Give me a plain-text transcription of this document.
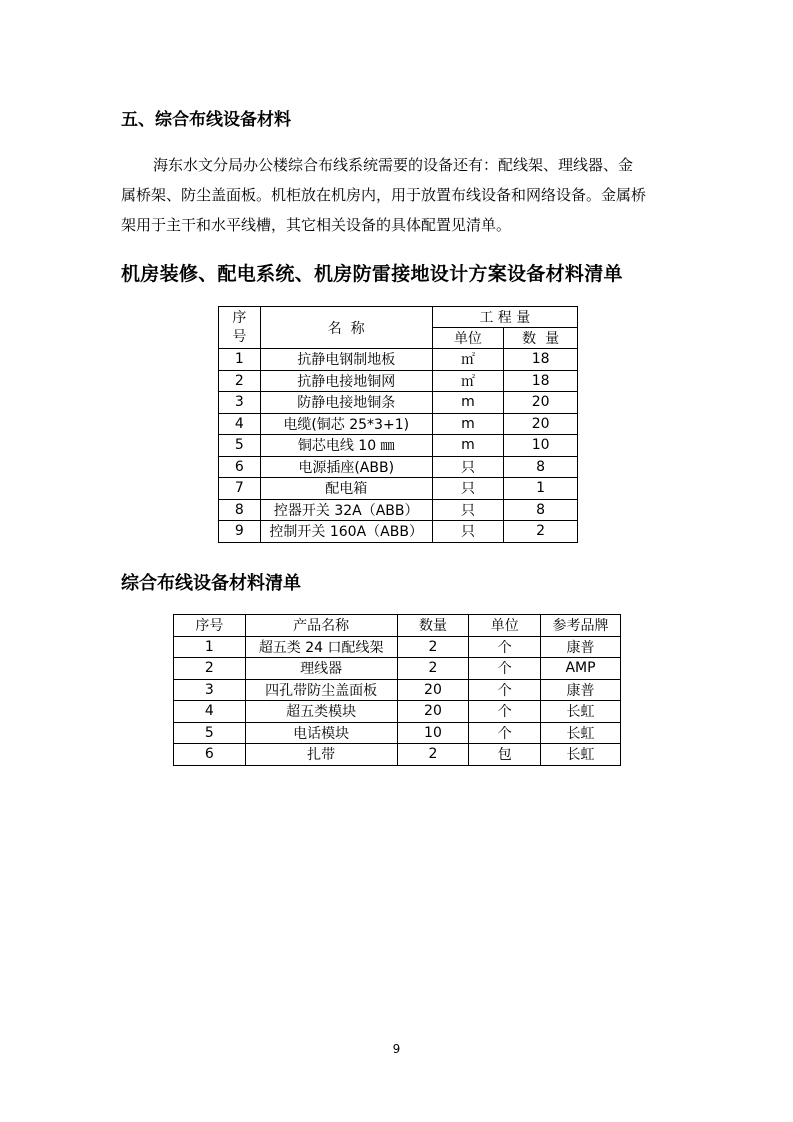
五、综合布线设备材料
海东水文分局办公楼综合布线系统需要的设备还有：配线架、理线器、金
属桥架、防尘盖面板。机柜放在机房内，用于放置布线设备和网络设备。金属桥
架用于主干和水平线槽，其它相关设备的具体配置见清单。
机房装修、配电系统、机房防雷接地设计方案设备材料清单
序号	名  称	工 程 量	
		单位	数  量
1	抗静电钢制地板	㎡	18
2	抗静电接地铜网	㎡	18
3	防静电接地铜条	m	20
4	电缆(铜芯 25*3+1)	m	20
5	铜芯电线 10 ㎜	m	10
6	电源插座(ABB)	只	8
7	配电箱	只	1
8	控器开关 32A（ABB）	只	8
9	控制开关 160A（ABB）	只	2
综合布线设备材料清单
序号	产品名称	数量	单位	参考品牌
1	超五类 24 口配线架	2	个	康普
2	理线器	2	个	AMP
3	四孔带防尘盖面板	20	个	康普
4	超五类模块	20	个	长虹
5	电话模块	10	个	长虹
6	扎带	2	包	长虹
9
